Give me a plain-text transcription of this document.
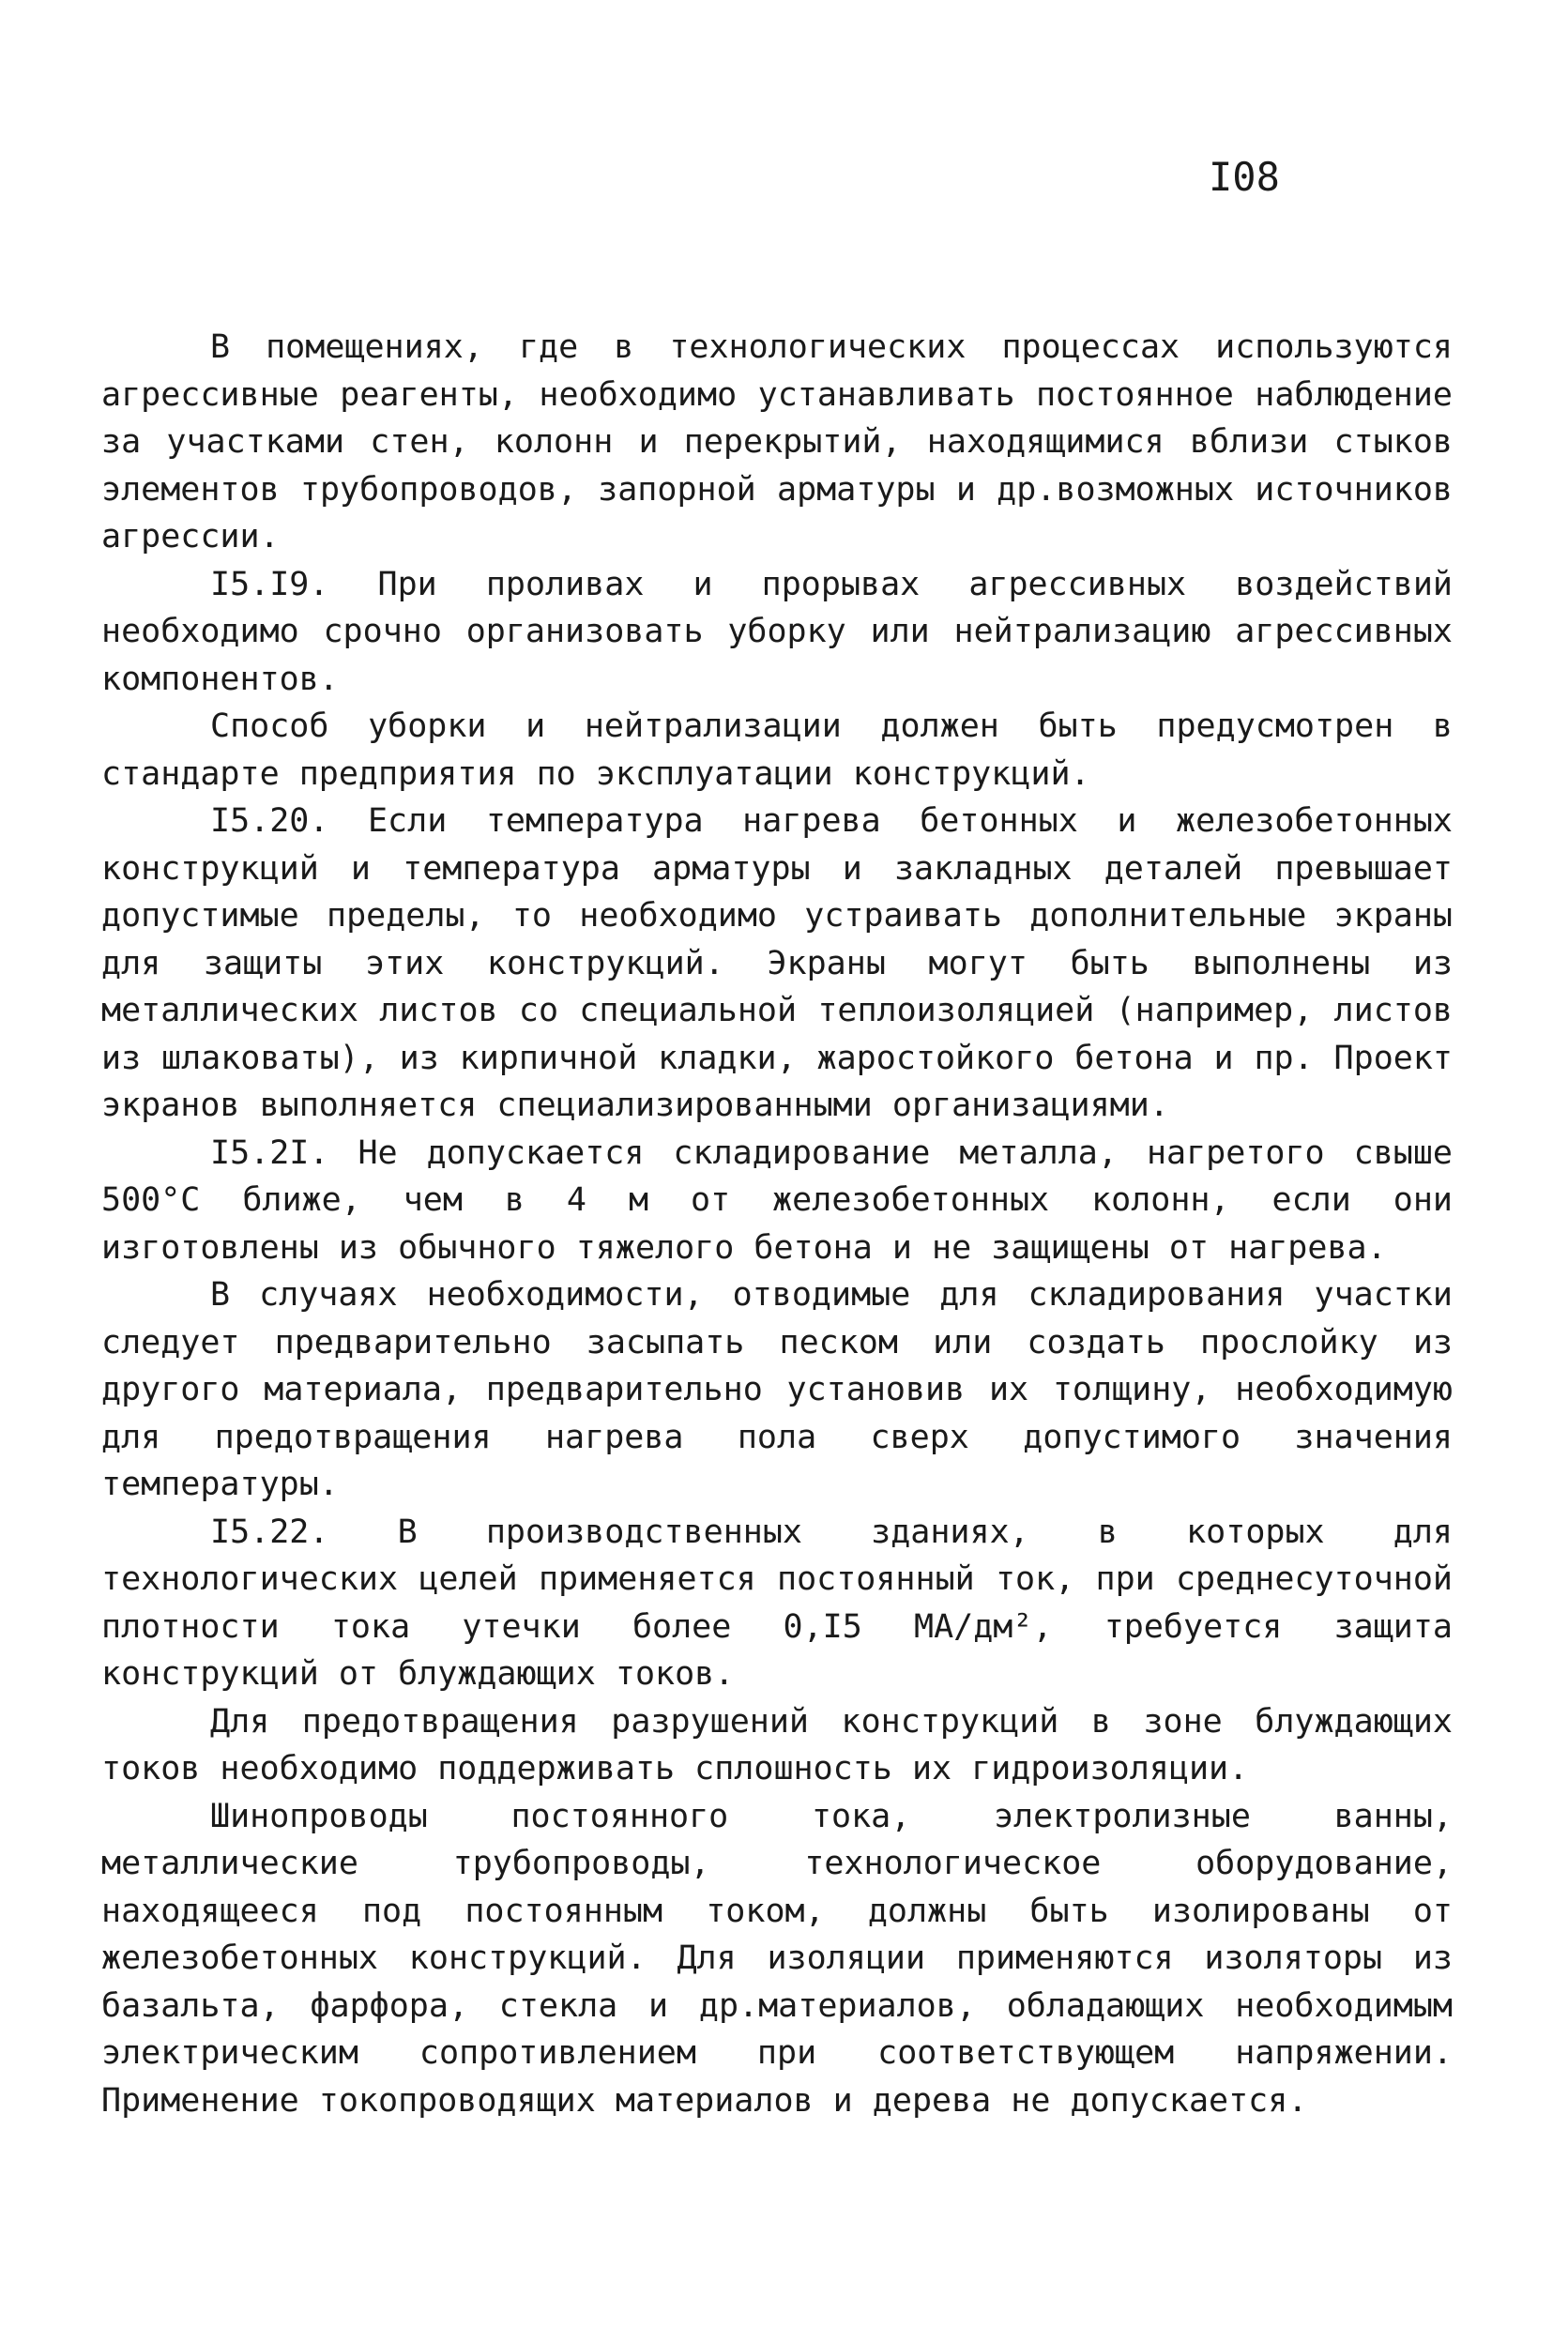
I08

В помещениях, где в технологических процессах используются агрессивные реагенты, необходимо устанавливать постоянное наблюдение за участками стен, колонн и перекрытий, находящимися вблизи стыков элементов трубопроводов, запорной арматуры и др.возможных источников агрессии.

I5.I9. При проливах и прорывах агрессивных воздействий необходимо срочно организовать уборку или нейтрализацию агрессивных компонентов.

Способ уборки и нейтрализации должен быть предусмотрен в стандарте предприятия по эксплуатации конструкций.

I5.20. Если температура нагрева бетонных и железобетонных конструкций и температура арматуры и закладных деталей превышает допустимые пределы, то необходимо устраивать дополнительные экраны для защиты этих конструкций. Экраны могут быть выполнены из металлических листов со специальной теплоизоляцией (например, листов из шлаковаты), из кирпичной кладки, жаростойкого бетона и пр. Проект экранов выполняется специализированными организациями.

I5.2I. Не допускается складирование металла, нагретого свыше 500°С ближе, чем в 4 м от железобетонных колонн, если они изготовлены из обычного тяжелого бетона и не защищены от нагрева.

В случаях необходимости, отводимые для складирования участки следует предварительно засыпать песком или создать прослойку из другого материала, предварительно установив их толщину, необходимую для предотвращения нагрева пола сверх допустимого значения температуры.

I5.22. В производственных зданиях, в которых для технологических целей применяется постоянный ток, при среднесуточной плотности тока утечки более 0,I5 МА/дм², требуется защита конструкций от блуждающих токов.

Для предотвращения разрушений конструкций в зоне блуждающих токов необходимо поддерживать сплошность их гидроизоляции.

Шинопроводы постоянного тока, электролизные ванны, металлические трубопроводы, технологическое оборудование, находящееся под постоянным током, должны быть изолированы от железобетонных конструкций. Для изоляции применяются изоляторы из базальта, фарфора, стекла и др.материалов, обладающих необходимым электрическим сопротивлением при соответствующем напряжении. Применение токопроводящих материалов и дерева не допускается.
